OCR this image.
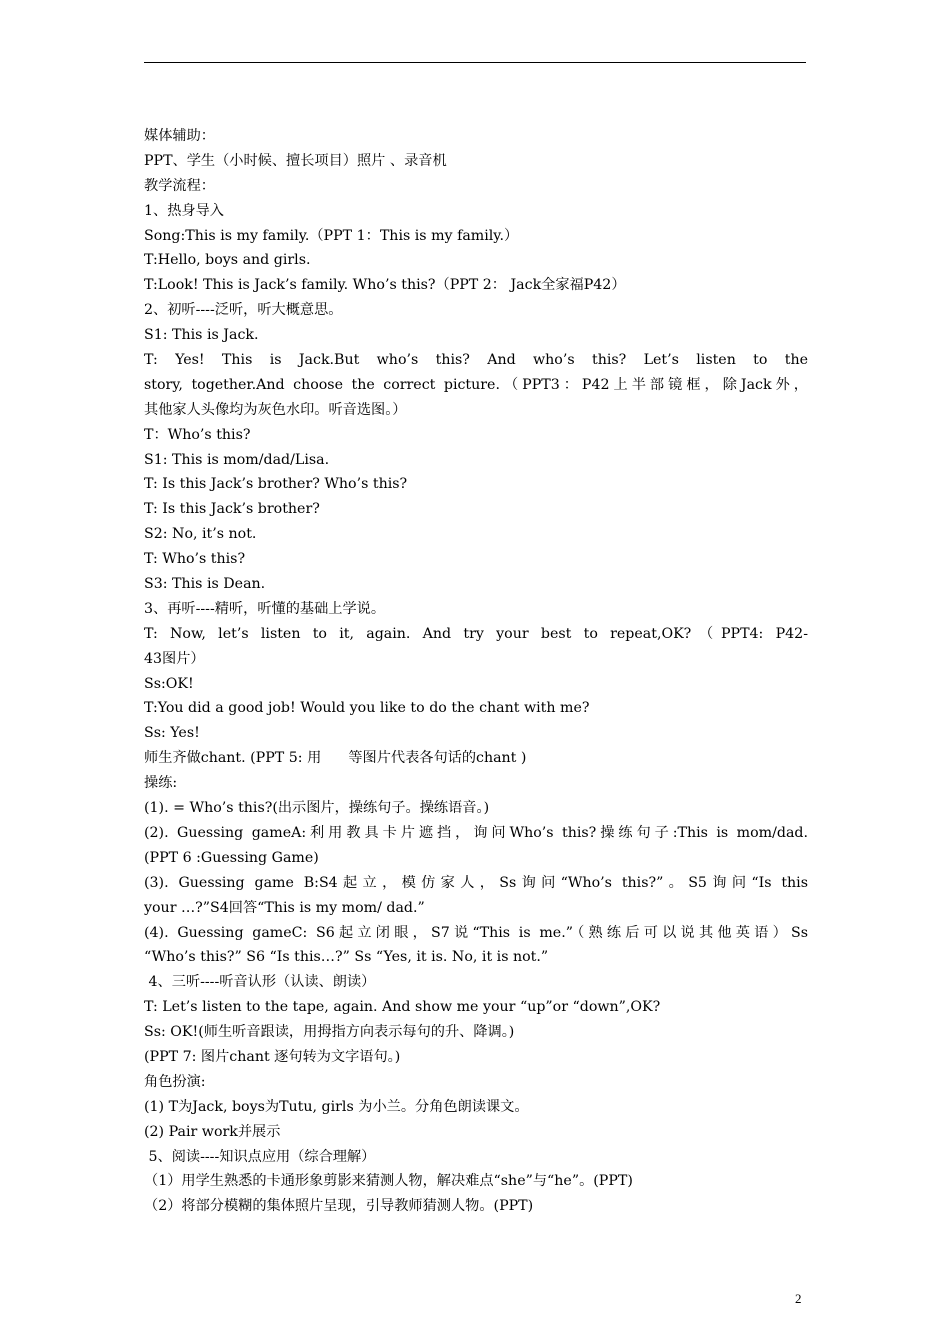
媒体辅助：
PPT、学生（小时候、擅长项目）照片 、录音机
教学流程：
1、热身导入
Song:This is my family.（PPT 1：This is my family.）
T:Hello, boys and girls.
T:Look! This is Jack’s family. Who’s this?（PPT 2： Jack全家福P42）
2、初听----泛听，听大概意思。
S1: This is Jack.
T: Yes! This is Jack.But who’s this? And who’s this? Let’s listen to the
story, together.And choose the correct picture.（PPT3：P42上半部镜框，除Jack外，
其他家人头像均为灰色水印。听音选图。）
T：Who’s this?
S1: This is mom/dad/Lisa.
T: Is this Jack’s brother? Who’s this?
T: Is this Jack’s brother?
S2: No, it’s not.
T: Who’s this?
S3: This is Dean.
3、再听----精听，听懂的基础上学说。
T: Now, let’s listen to it, again. And try your best to repeat,OK?（PPT4: P42-
43图片）
Ss:OK!
T:You did a good job! Would you like to do the chant with me?
Ss: Yes!
师生齐做chant. (PPT 5: 用      等图片代表各句话的chant )
操练:
(1). = Who’s this?(出示图片，操练句子。操练语音。)
(2). Guessing gameA:利用教具卡片遮挡，询问Who’s this?操练句子:This is mom/dad.
(PPT 6 :Guessing Game)
(3). Guessing game B:S4起立，模仿家人，Ss询问“Who’s this?”。S5询问“Is this
your …?”S4回答“This is my mom/ dad.”
(4). Guessing gameC: S6起立闭眼，S7说“This is me.”（熟练后可以说其他英语）Ss
“Who’s this?” S6 “Is this…?” Ss “Yes, it is. No, it is not.”
4、三听----听音认形（认读、朗读）
T: Let’s listen to the tape, again. And show me your “up”or “down”,OK?
Ss: OK!(师生听音跟读，用拇指方向表示每句的升、降调。)
(PPT 7: 图片chant 逐句转为文字语句。)
角色扮演:
(1) T为Jack, boys为Tutu, girls 为小兰。分角色朗读课文。
(2) Pair work并展示
5、阅读----知识点应用（综合理解）
（1）用学生熟悉的卡通形象剪影来猜测人物，解决难点“she”与“he”。(PPT)
（2）将部分模糊的集体照片呈现，引导教师猜测人物。(PPT)
2
